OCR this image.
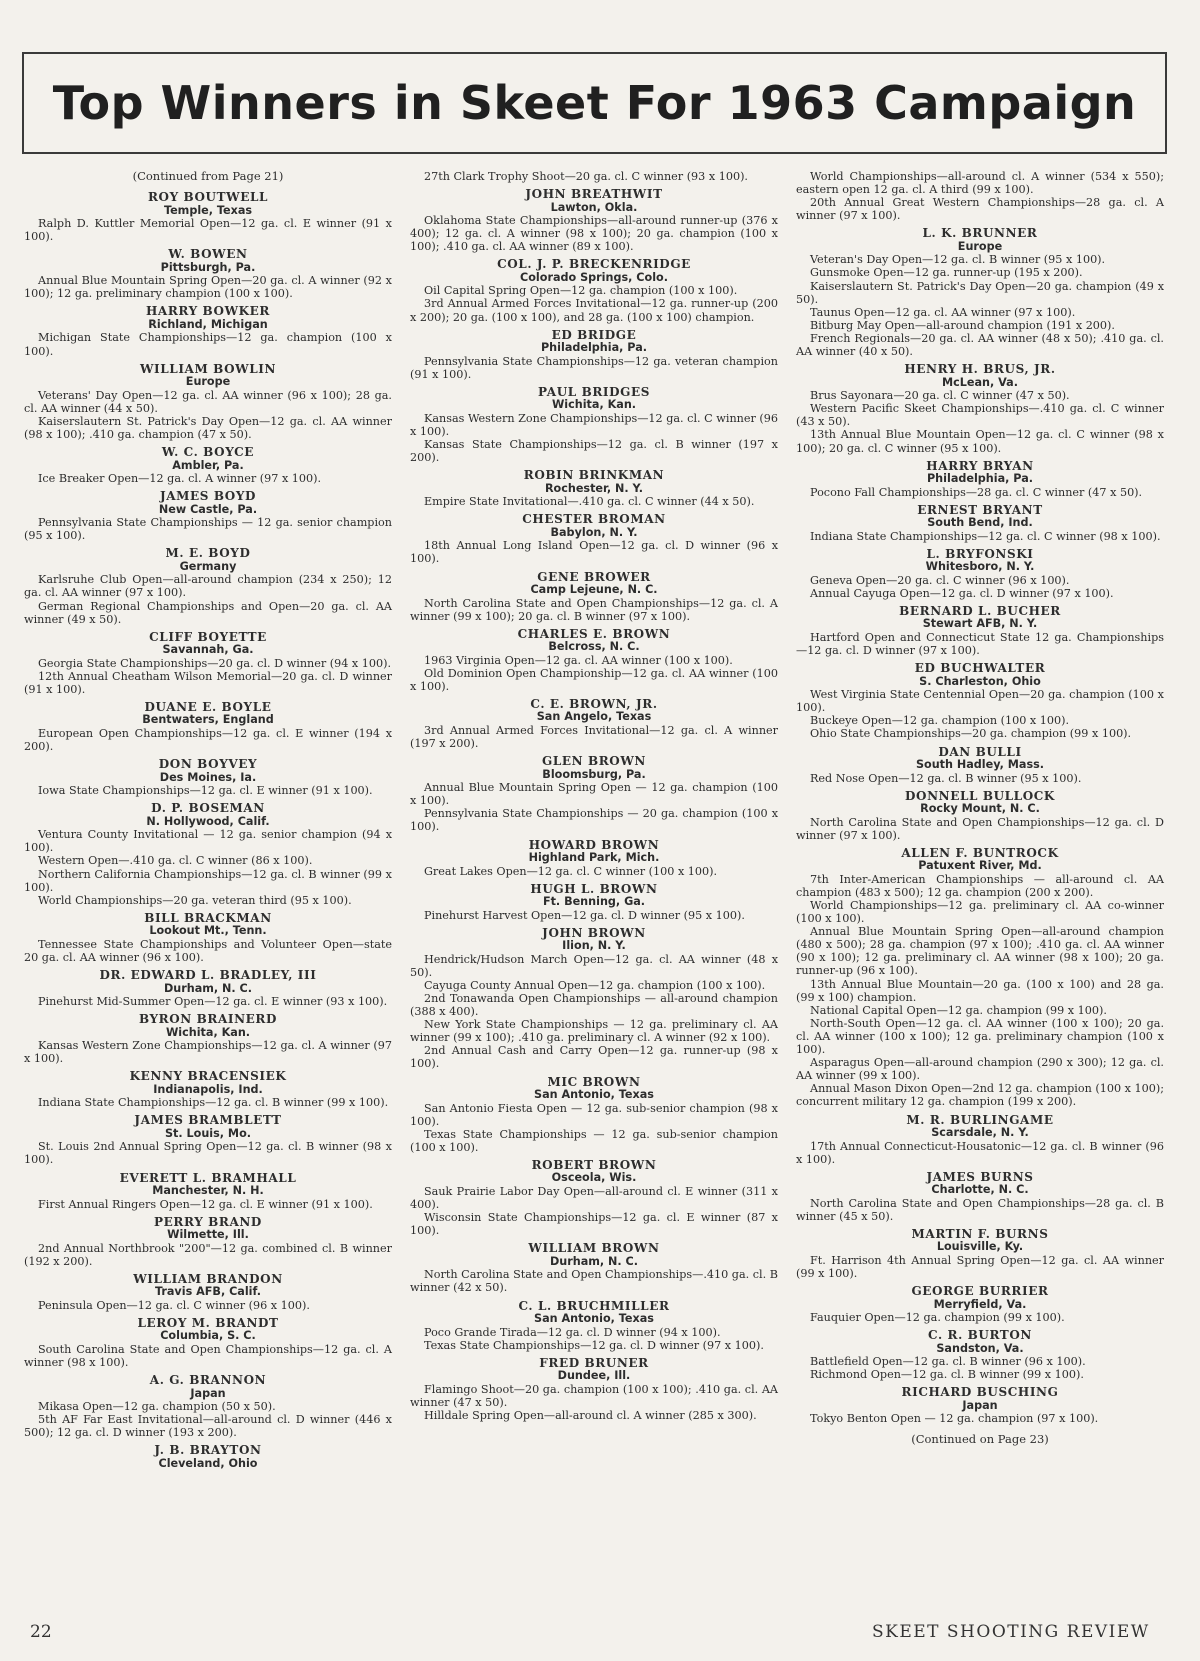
Top Winners in Skeet For 1963 Campaign
(Continued from Page 21)
ROY BOUTWELL
Temple, Texas
Ralph D. Kuttler Memorial Open—12 ga. cl. E winner (91 x 100).
W. BOWEN
Pittsburgh, Pa.
Annual Blue Mountain Spring Open—20 ga. cl. A winner (92 x 100); 12 ga. preliminary champion (100 x 100).
HARRY BOWKER
Richland, Michigan
Michigan State Championships—12 ga. champion (100 x 100).
WILLIAM BOWLIN
Europe
Veterans' Day Open—12 ga. cl. AA winner (96 x 100); 28 ga. cl. AA winner (44 x 50).
Kaiserslautern St. Patrick's Day Open—12 ga. cl. AA winner (98 x 100); .410 ga. champion (47 x 50).
W. C. BOYCE
Ambler, Pa.
Ice Breaker Open—12 ga. cl. A winner (97 x 100).
JAMES BOYD
New Castle, Pa.
Pennsylvania State Championships — 12 ga. senior champion (95 x 100).
M. E. BOYD
Germany
Karlsruhe Club Open—all-around champion (234 x 250); 12 ga. cl. AA winner (97 x 100).
German Regional Championships and Open—20 ga. cl. AA winner (49 x 50).
CLIFF BOYETTE
Savannah, Ga.
Georgia State Championships—20 ga. cl. D winner (94 x 100).
12th Annual Cheatham Wilson Memorial—20 ga. cl. D winner (91 x 100).
DUANE E. BOYLE
Bentwaters, England
European Open Championships—12 ga. cl. E winner (194 x 200).
DON BOYVEY
Des Moines, Ia.
Iowa State Championships—12 ga. cl. E winner (91 x 100).
D. P. BOSEMAN
N. Hollywood, Calif.
Ventura County Invitational — 12 ga. senior champion (94 x 100).
Western Open—.410 ga. cl. C winner (86 x 100).
Northern California Championships—12 ga. cl. B winner (99 x 100).
World Championships—20 ga. veteran third (95 x 100).
BILL BRACKMAN
Lookout Mt., Tenn.
Tennessee State Championships and Volunteer Open—state 20 ga. cl. AA winner (96 x 100).
DR. EDWARD L. BRADLEY, III
Durham, N. C.
Pinehurst Mid-Summer Open—12 ga. cl. E winner (93 x 100).
BYRON BRAINERD
Wichita, Kan.
Kansas Western Zone Championships—12 ga. cl. A winner (97 x 100).
KENNY BRACENSIEK
Indianapolis, Ind.
Indiana State Championships—12 ga. cl. B winner (99 x 100).
JAMES BRAMBLETT
St. Louis, Mo.
St. Louis 2nd Annual Spring Open—12 ga. cl. B winner (98 x 100).
EVERETT L. BRAMHALL
Manchester, N. H.
First Annual Ringers Open—12 ga. cl. E winner (91 x 100).
PERRY BRAND
Wilmette, Ill.
2nd Annual Northbrook "200"—12 ga. combined cl. B winner (192 x 200).
WILLIAM BRANDON
Travis AFB, Calif.
Peninsula Open—12 ga. cl. C winner (96 x 100).
LEROY M. BRANDT
Columbia, S. C.
South Carolina State and Open Championships—12 ga. cl. A winner (98 x 100).
A. G. BRANNON
Japan
Mikasa Open—12 ga. champion (50 x 50).
5th AF Far East Invitational—all-around cl. D winner (446 x 500); 12 ga. cl. D winner (193 x 200).
J. B. BRAYTON
Cleveland, Ohio
27th Clark Trophy Shoot—20 ga. cl. C winner (93 x 100).
JOHN BREATHWIT
Lawton, Okla.
Oklahoma State Championships—all-around runner-up (376 x 400); 12 ga. cl. A winner (98 x 100); 20 ga. champion (100 x 100); .410 ga. cl. AA winner (89 x 100).
COL. J. P. BRECKENRIDGE
Colorado Springs, Colo.
Oil Capital Spring Open—12 ga. champion (100 x 100).
3rd Annual Armed Forces Invitational—12 ga. runner-up (200 x 200); 20 ga. (100 x 100), and 28 ga. (100 x 100) champion.
ED BRIDGE
Philadelphia, Pa.
Pennsylvania State Championships—12 ga. veteran champion (91 x 100).
PAUL BRIDGES
Wichita, Kan.
Kansas Western Zone Championships—12 ga. cl. C winner (96 x 100).
Kansas State Championships—12 ga. cl. B winner (197 x 200).
ROBIN BRINKMAN
Rochester, N. Y.
Empire State Invitational—.410 ga. cl. C winner (44 x 50).
CHESTER BROMAN
Babylon, N. Y.
18th Annual Long Island Open—12 ga. cl. D winner (96 x 100).
GENE BROWER
Camp Lejeune, N. C.
North Carolina State and Open Championships—12 ga. cl. A winner (99 x 100); 20 ga. cl. B winner (97 x 100).
CHARLES E. BROWN
Belcross, N. C.
1963 Virginia Open—12 ga. cl. AA winner (100 x 100).
Old Dominion Open Championship—12 ga. cl. AA winner (100 x 100).
C. E. BROWN, JR.
San Angelo, Texas
3rd Annual Armed Forces Invitational—12 ga. cl. A winner (197 x 200).
GLEN BROWN
Bloomsburg, Pa.
Annual Blue Mountain Spring Open — 12 ga. champion (100 x 100).
Pennsylvania State Championships — 20 ga. champion (100 x 100).
HOWARD BROWN
Highland Park, Mich.
Great Lakes Open—12 ga. cl. C winner (100 x 100).
HUGH L. BROWN
Ft. Benning, Ga.
Pinehurst Harvest Open—12 ga. cl. D winner (95 x 100).
JOHN BROWN
Ilion, N. Y.
Hendrick/Hudson March Open—12 ga. cl. AA winner (48 x 50).
Cayuga County Annual Open—12 ga. champion (100 x 100).
2nd Tonawanda Open Championships — all-around champion (388 x 400).
New York State Championships — 12 ga. preliminary cl. AA winner (99 x 100); .410 ga. preliminary cl. A winner (92 x 100).
2nd Annual Cash and Carry Open—12 ga. runner-up (98 x 100).
MIC BROWN
San Antonio, Texas
San Antonio Fiesta Open — 12 ga. sub-senior champion (98 x 100).
Texas State Championships — 12 ga. sub-senior champion (100 x 100).
ROBERT BROWN
Osceola, Wis.
Sauk Prairie Labor Day Open—all-around cl. E winner (311 x 400).
Wisconsin State Championships—12 ga. cl. E winner (87 x 100).
WILLIAM BROWN
Durham, N. C.
North Carolina State and Open Championships—.410 ga. cl. B winner (42 x 50).
C. L. BRUCHMILLER
San Antonio, Texas
Poco Grande Tirada—12 ga. cl. D winner (94 x 100).
Texas State Championships—12 ga. cl. D winner (97 x 100).
FRED BRUNER
Dundee, Ill.
Flamingo Shoot—20 ga. champion (100 x 100); .410 ga. cl. AA winner (47 x 50).
Hilldale Spring Open—all-around cl. A winner (285 x 300).
World Championships—all-around cl. A winner (534 x 550); eastern open 12 ga. cl. A third (99 x 100).
20th Annual Great Western Championships—28 ga. cl. A winner (97 x 100).
L. K. BRUNNER
Europe
Veteran's Day Open—12 ga. cl. B winner (95 x 100).
Gunsmoke Open—12 ga. runner-up (195 x 200).
Kaiserslautern St. Patrick's Day Open—20 ga. champion (49 x 50).
Taunus Open—12 ga. cl. AA winner (97 x 100).
Bitburg May Open—all-around champion (191 x 200).
French Regionals—20 ga. cl. AA winner (48 x 50); .410 ga. cl. AA winner (40 x 50).
HENRY H. BRUS, JR.
McLean, Va.
Brus Sayonara—20 ga. cl. C winner (47 x 50).
Western Pacific Skeet Championships—.410 ga. cl. C winner (43 x 50).
13th Annual Blue Mountain Open—12 ga. cl. C winner (98 x 100); 20 ga. cl. C winner (95 x 100).
HARRY BRYAN
Philadelphia, Pa.
Pocono Fall Championships—28 ga. cl. C winner (47 x 50).
ERNEST BRYANT
South Bend, Ind.
Indiana State Championships—12 ga. cl. C winner (98 x 100).
L. BRYFONSKI
Whitesboro, N. Y.
Geneva Open—20 ga. cl. C winner (96 x 100).
Annual Cayuga Open—12 ga. cl. D winner (97 x 100).
BERNARD L. BUCHER
Stewart AFB, N. Y.
Hartford Open and Connecticut State 12 ga. Championships—12 ga. cl. D winner (97 x 100).
ED BUCHWALTER
S. Charleston, Ohio
West Virginia State Centennial Open—20 ga. champion (100 x 100).
Buckeye Open—12 ga. champion (100 x 100).
Ohio State Championships—20 ga. champion (99 x 100).
DAN BULLI
South Hadley, Mass.
Red Nose Open—12 ga. cl. B winner (95 x 100).
DONNELL BULLOCK
Rocky Mount, N. C.
North Carolina State and Open Championships—12 ga. cl. D winner (97 x 100).
ALLEN F. BUNTROCK
Patuxent River, Md.
7th Inter-American Championships — all-around cl. AA champion (483 x 500); 12 ga. champion (200 x 200).
World Championships—12 ga. preliminary cl. AA co-winner (100 x 100).
Annual Blue Mountain Spring Open—all-around champion (480 x 500); 28 ga. champion (97 x 100); .410 ga. cl. AA winner (90 x 100); 12 ga. preliminary cl. AA winner (98 x 100); 20 ga. runner-up (96 x 100).
13th Annual Blue Mountain—20 ga. (100 x 100) and 28 ga. (99 x 100) champion.
National Capital Open—12 ga. champion (99 x 100).
North-South Open—12 ga. cl. AA winner (100 x 100); 20 ga. cl. AA winner (100 x 100); 12 ga. preliminary champion (100 x 100).
Asparagus Open—all-around champion (290 x 300); 12 ga. cl. AA winner (99 x 100).
Annual Mason Dixon Open—2nd 12 ga. champion (100 x 100); concurrent military 12 ga. champion (199 x 200).
M. R. BURLINGAME
Scarsdale, N. Y.
17th Annual Connecticut-Housatonic—12 ga. cl. B winner (96 x 100).
JAMES BURNS
Charlotte, N. C.
North Carolina State and Open Championships—28 ga. cl. B winner (45 x 50).
MARTIN F. BURNS
Louisville, Ky.
Ft. Harrison 4th Annual Spring Open—12 ga. cl. AA winner (99 x 100).
GEORGE BURRIER
Merryfield, Va.
Fauquier Open—12 ga. champion (99 x 100).
C. R. BURTON
Sandston, Va.
Battlefield Open—12 ga. cl. B winner (96 x 100).
Richmond Open—12 ga. cl. B winner (99 x 100).
RICHARD BUSCHING
Japan
Tokyo Benton Open — 12 ga. champion (97 x 100).
(Continued on Page 23)
22	SKEET SHOOTING REVIEW
